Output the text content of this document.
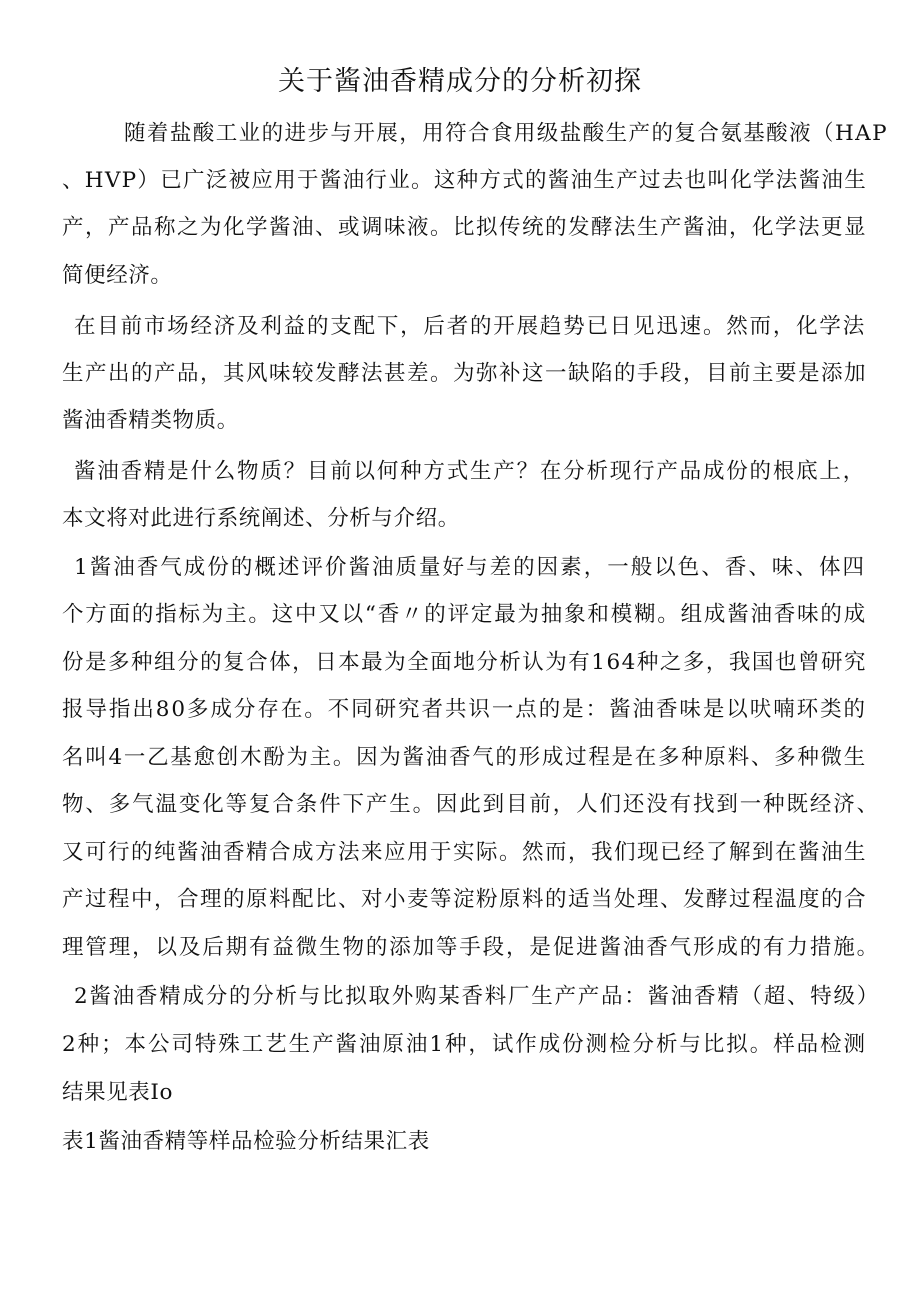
关于酱油香精成分的分析初探
随着盐酸工业的进步与开展，用符合食用级盐酸生产的复合氨基酸液（HAP
、HVP）已广泛被应用于酱油行业。这种方式的酱油生产过去也叫化学法酱油生
产，产品称之为化学酱油、或调味液。比拟传统的发酵法生产酱油，化学法更显
简便经济。
在目前市场经济及利益的支配下，后者的开展趋势已日见迅速。然而，化学法
生产出的产品，其风味较发酵法甚差。为弥补这一缺陷的手段，目前主要是添加
酱油香精类物质。
酱油香精是什么物质？目前以何种方式生产？在分析现行产品成份的根底上，
本文将对此进行系统阐述、分析与介绍。
1酱油香气成份的概述评价酱油质量好与差的因素，一般以色、香、味、体四
个方面的指标为主。这中又以“香〃的评定最为抽象和模糊。组成酱油香味的成
份是多种组分的复合体，日本最为全面地分析认为有164种之多，我国也曾研究
报导指出80多成分存在。不同研究者共识一点的是：酱油香味是以吠喃环类的
名叫4一乙基愈创木酚为主。因为酱油香气的形成过程是在多种原料、多种微生
物、多气温变化等复合条件下产生。因此到目前，人们还没有找到一种既经济、
又可行的纯酱油香精合成方法来应用于实际。然而，我们现已经了解到在酱油生
产过程中，合理的原料配比、对小麦等淀粉原料的适当处理、发酵过程温度的合
理管理，以及后期有益微生物的添加等手段，是促进酱油香气形成的有力措施。
2酱油香精成分的分析与比拟取外购某香料厂生产产品：酱油香精（超、特级）
2种；本公司特殊工艺生产酱油原油1种，试作成份测检分析与比拟。样品检测
结果见表Io
表1酱油香精等样品检验分析结果汇表
